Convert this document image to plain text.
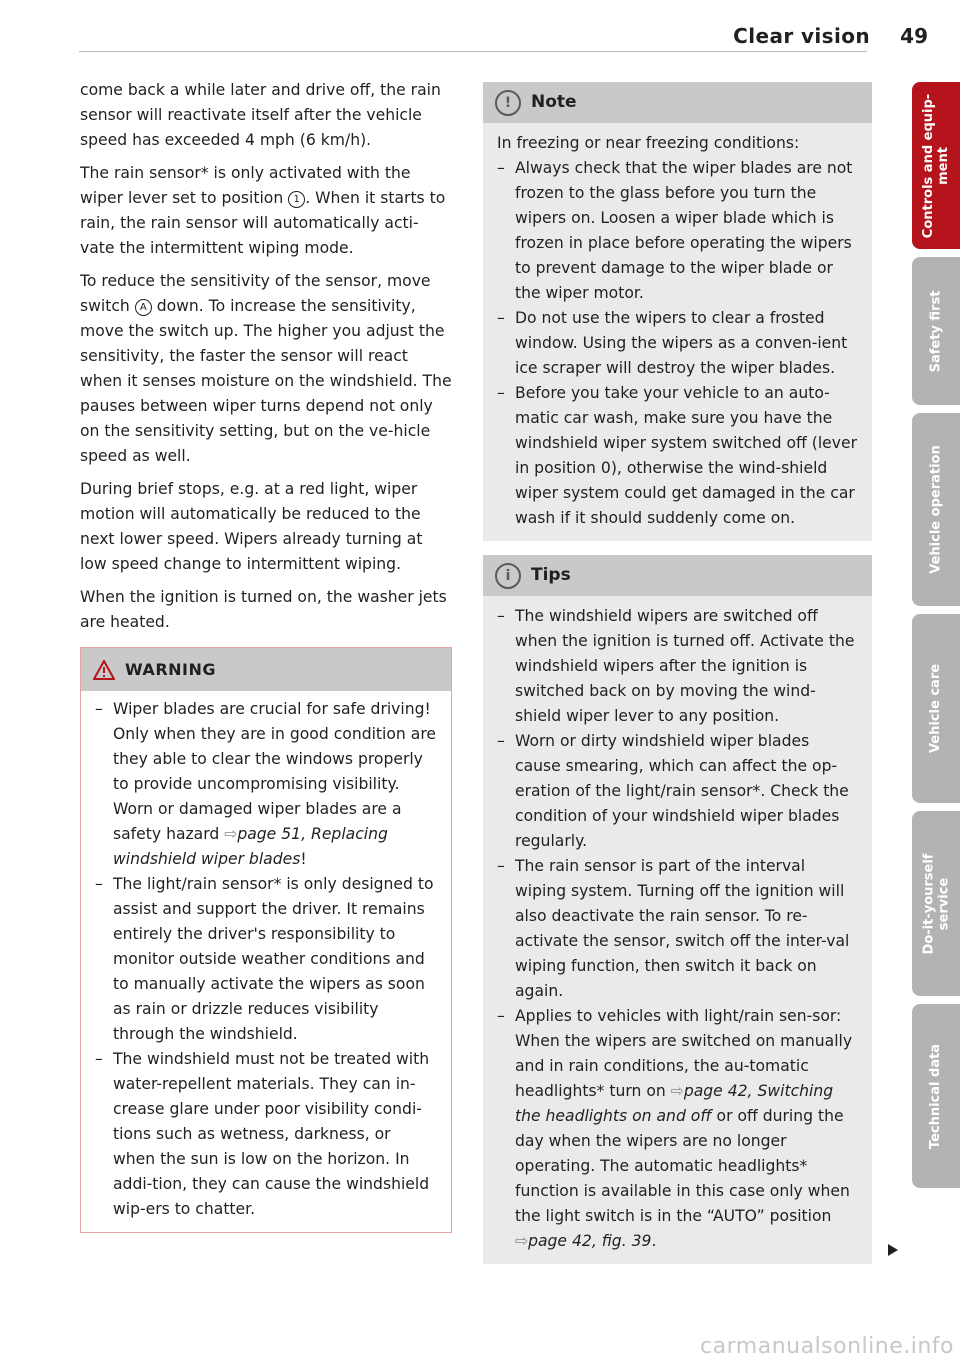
Clear vision 49

come back a while later and drive off, the rain sensor will reactivate itself after the vehicle speed has exceeded 4 mph (6 km/h).

The rain sensor* is only activated with the wiper lever set to position 1 . When it starts to rain, the rain sensor will automatically acti-vate the intermittent wiping mode.

To reduce the sensitivity of the sensor, move switch A down. To increase the sensitivity, move the switch up. The higher you adjust the sensitivity, the faster the sensor will react when it senses moisture on the windshield. The pauses between wiper turns depend not only on the sensitivity setting, but on the ve-hicle speed as well.

During brief stops, e.g. at a red light, wiper motion will automatically be reduced to the next lower speed. Wipers already turning at low speed change to intermittent wiping.

When the ignition is turned on, the washer jets are heated.

WARNING
– Wiper blades are crucial for safe driving! Only when they are in good condition are they able to clear the windows properly to provide uncompromising visibility. Worn or damaged wiper blades are a safety hazard ⇨page 51, Replacing windshield wiper blades!
– The light/rain sensor* is only designed to assist and support the driver. It remains entirely the driver's responsibility to monitor outside weather conditions and to manually activate the wipers as soon as rain or drizzle reduces visibility through the windshield.
– The windshield must not be treated with water-repellent materials. They can in-crease glare under poor visibility condi-tions such as wetness, darkness, or when the sun is low on the horizon. In addi-tion, they can cause the windshield wip-ers to chatter.
!	Note
In freezing or near freezing conditions:
– Always check that the wiper blades are not frozen to the glass before you turn the wipers on. Loosen a wiper blade which is frozen in place before operating the wipers to prevent damage to the wiper blade or the wiper motor.
– Do not use the wipers to clear a frosted window. Using the wipers as a conven-ient ice scraper will destroy the wiper blades.
– Before you take your vehicle to an auto-matic car wash, make sure you have the windshield wiper system switched off (lever in position 0), otherwise the wind-shield wiper system could get damaged in the car wash if it should suddenly come on.
i	Tips
– The windshield wipers are switched off when the ignition is turned off. Activate the windshield wipers after the ignition is switched back on by moving the wind-shield wiper lever to any position.
– Worn or dirty windshield wiper blades cause smearing, which can affect the op-eration of the light/rain sensor*. Check the condition of your windshield wiper blades regularly.
– The rain sensor is part of the interval wiping system. Turning off the ignition will also deactivate the rain sensor. To re-activate the sensor, switch off the inter-val wiping function, then switch it back on again.
– Applies to vehicles with light/rain sen-sor: When the wipers are switched on manually and in rain conditions, the au-tomatic headlights* turn on ⇨page 42, Switching the headlights on and off or off during the day when the wipers are no longer operating. The automatic headlights* function is available in this case only when the light switch is in the “AUTO” position ⇨page 42, fig. 39.
Controls and equip-
ment
Safety first
Vehicle operation
Vehicle care
Do-it-yourself
service
Technical data
carmanualsonline.info
